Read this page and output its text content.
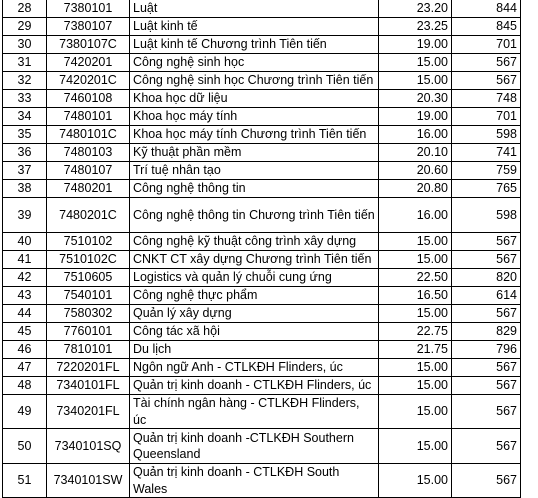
28	7380101	Luật	23.20	844
29	7380107	Luật kinh tế	23.25	845
30	7380107C	Luật kinh tế Chương trình Tiên tiến	19.00	701
31	7420201	Công nghệ sinh học	15.00	567
32	7420201C	Công nghệ sinh học Chương trình Tiên tiến	15.00	567
33	7460108	Khoa học dữ liệu	20.30	748
34	7480101	Khoa học máy tính	19.00	701
35	7480101C	Khoa học máy tính Chương trình Tiên tiến	16.00	598
36	7480103	Kỹ thuật phần mềm	20.10	741
37	7480107	Trí tuệ nhân tạo	20.60	759
38	7480201	Công nghệ thông tin	20.80	765
39	7480201C	Công nghệ thông tin Chương trình Tiên tiến	16.00	598
40	7510102	Công nghệ kỹ thuật công trình xây dựng	15.00	567
41	7510102C	CNKT CT xây dựng Chương trình Tiên tiến	15.00	567
42	7510605	Logistics và quản lý chuỗi cung ứng	22.50	820
43	7540101	Công nghệ thực phẩm	16.50	614
44	7580302	Quản lý xây dựng	15.00	567
45	7760101	Công tác xã hội	22.75	829
46	7810101	Du lịch	21.75	796
47	7220201FL	Ngôn ngữ Anh - CTLKĐH Flinders, úc	15.00	567
48	7340101FL	Quản trị kinh doanh - CTLKĐH Flinders, úc	15.00	567
49	7340201FL	Tài chính ngân hàng - CTLKĐH Flinders, úc	15.00	567
50	7340101SQ	Quản trị kinh doanh -CTLKĐH Southern Queensland	15.00	567
51	7340101SW	Quản trị kinh doanh - CTLKĐH South Wales	15.00	567
